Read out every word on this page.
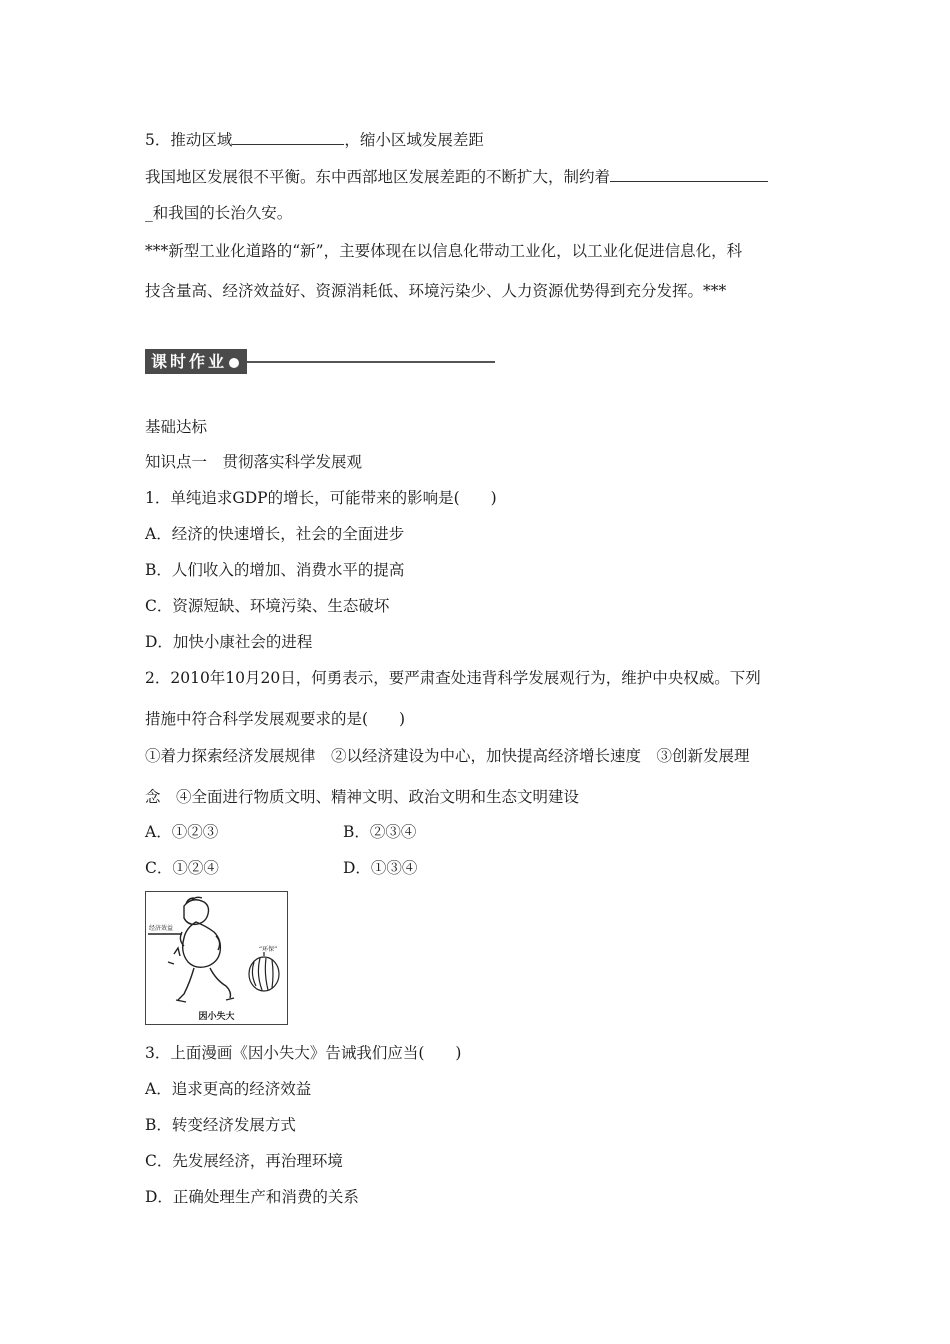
5．推动区域	，缩小区域发展差距
我国地区发展很不平衡。东中西部地区发展差距的不断扩大，制约着
_和我国的长治久安。
***新型工业化道路的“新”，主要体现在以信息化带动工业化，以工业化促进信息化，科
技含量高、经济效益好、资源消耗低、环境污染少、人力资源优势得到充分发挥。***
课时作业
基础达标
知识点一　贯彻落实科学发展观
1．单纯追求GDP的增长，可能带来的影响是(　　)
A．经济的快速增长，社会的全面进步
B．人们收入的增加、消费水平的提高
C．资源短缺、环境污染、生态破坏
D．加快小康社会的进程
2．2010年10月20日，何勇表示，要严肃查处违背科学发展观行为，维护中央权威。下列
措施中符合科学发展观要求的是(　　)
①着力探索经济发展规律　②以经济建设为中心，加快提高经济增长速度　③创新发展理
念　④全面进行物质文明、精神文明、政治文明和生态文明建设
A．①②③	B．②③④
C．①②④	D．①③④
经济效益
“环保”
因小失大
3．上面漫画《因小失大》告诫我们应当(　　)
A．追求更高的经济效益
B．转变经济发展方式
C．先发展经济，再治理环境
D．正确处理生产和消费的关系
